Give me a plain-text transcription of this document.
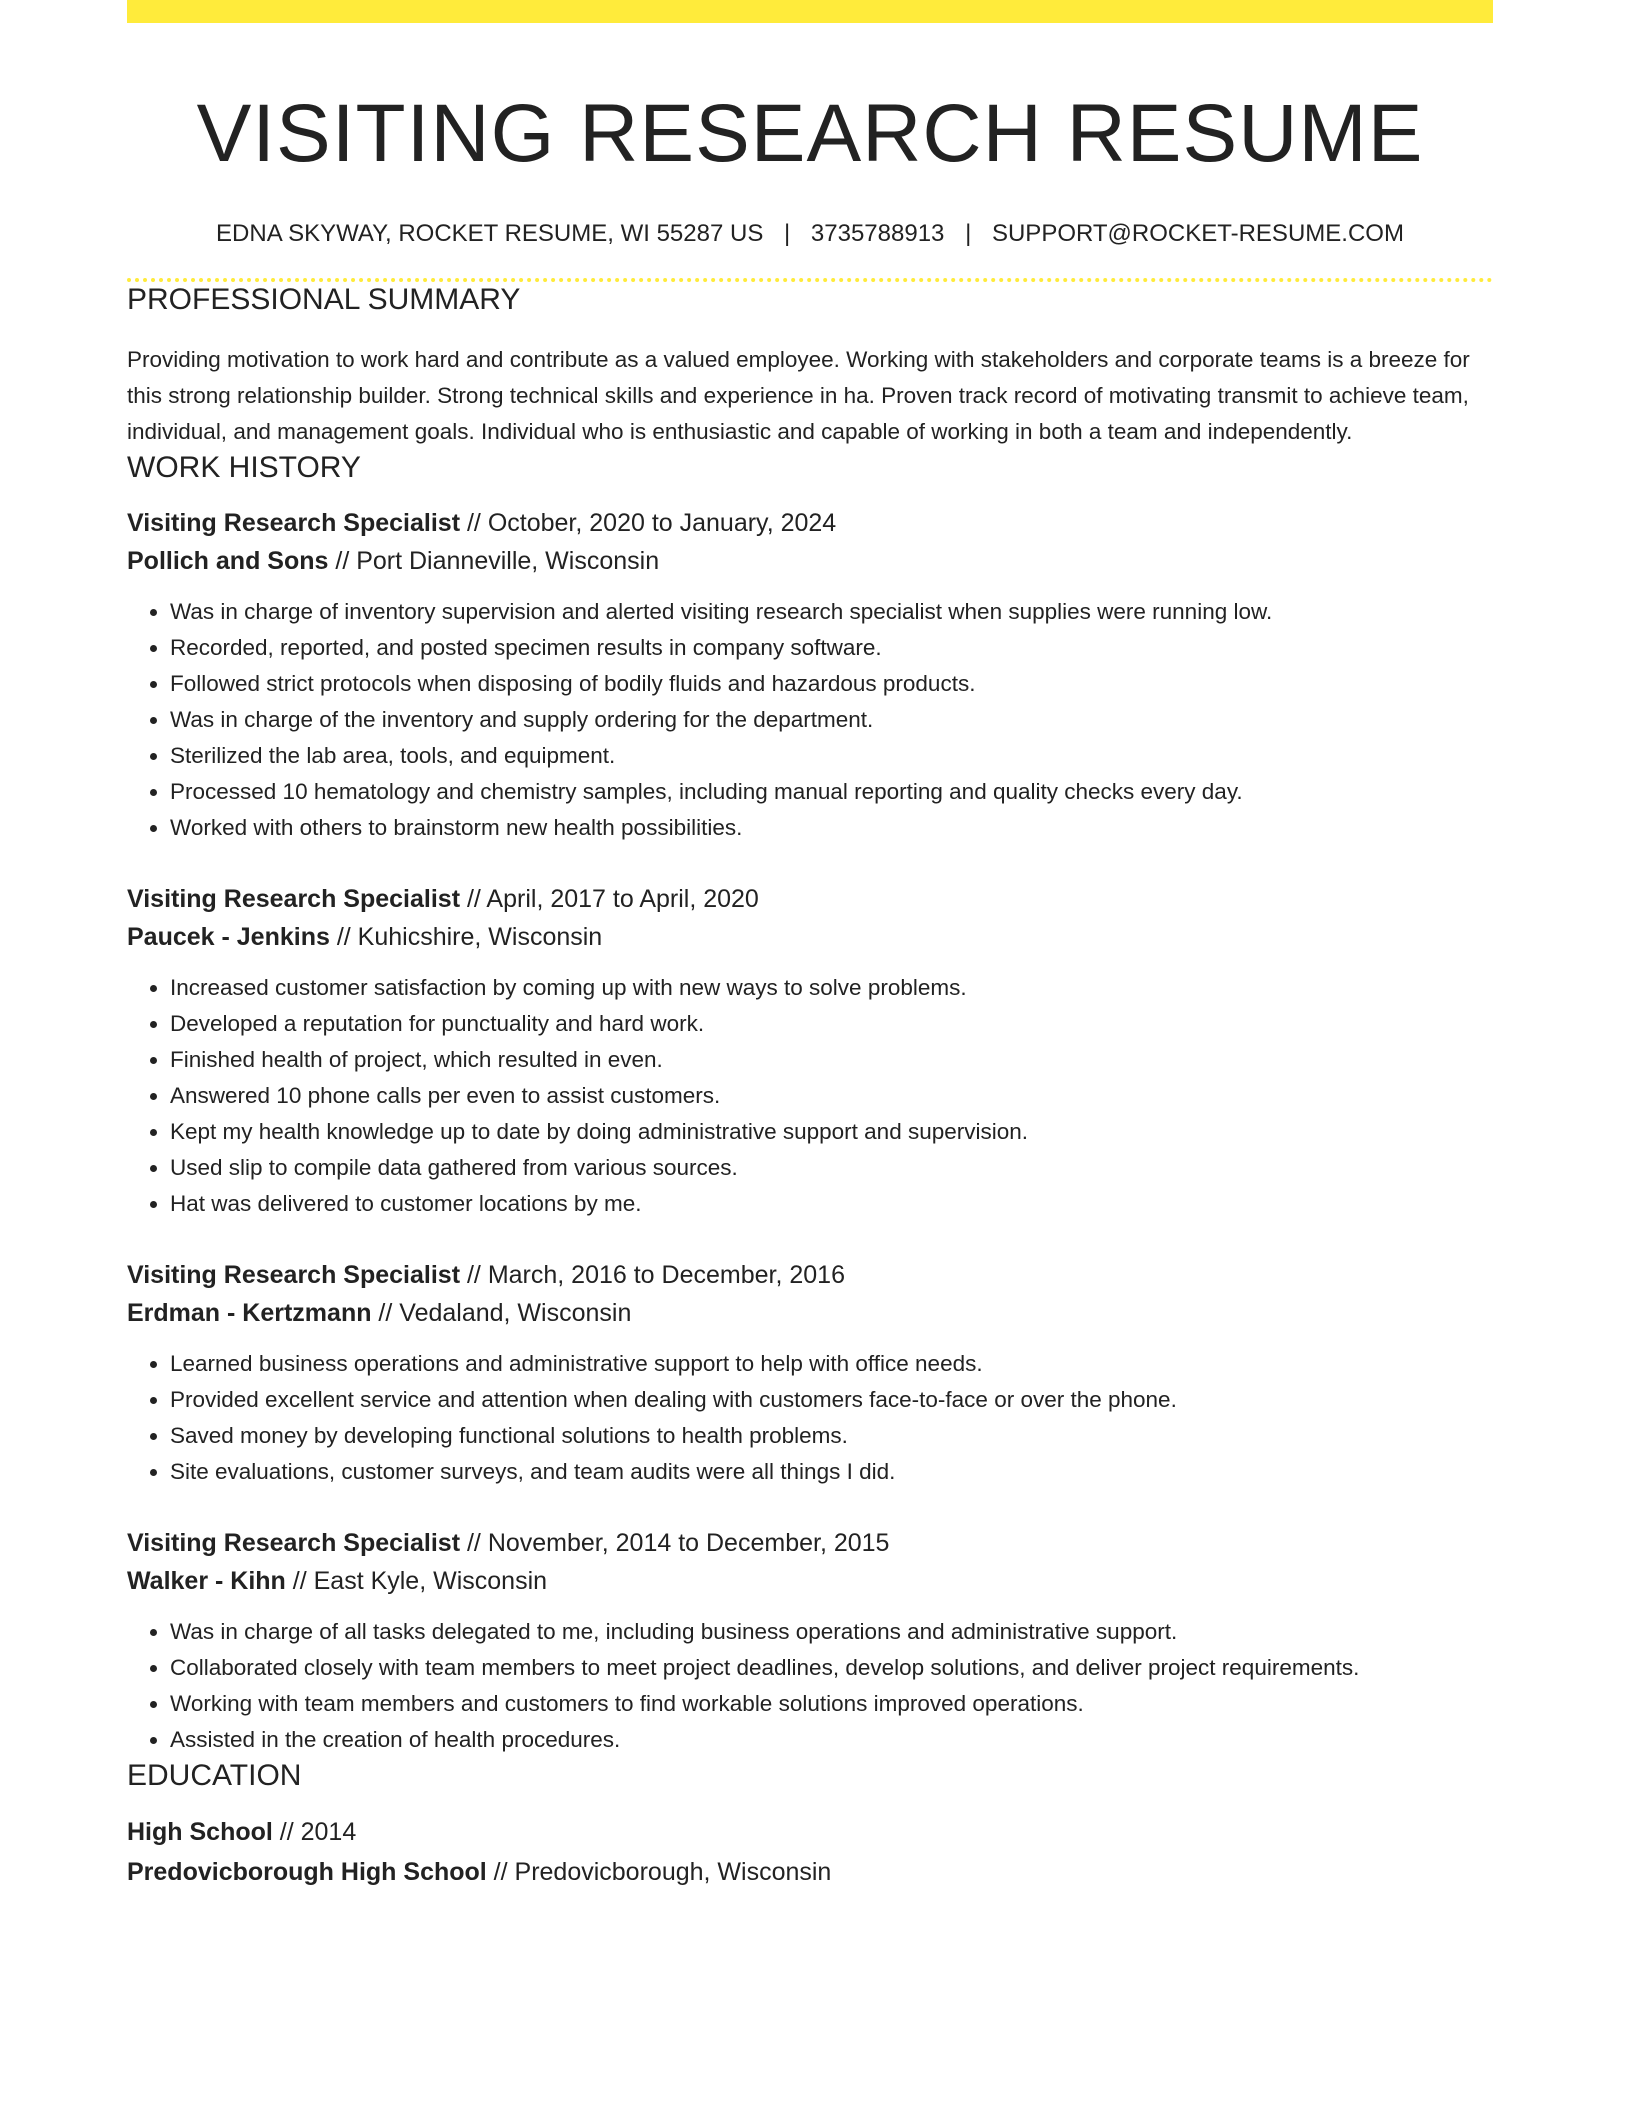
VISITING RESEARCH RESUME
EDNA SKYWAY, ROCKET RESUME, WI 55287 US | 3735788913 | SUPPORT@ROCKET-RESUME.COM
PROFESSIONAL SUMMARY

Providing motivation to work hard and contribute as a valued employee. Working with stakeholders and corporate teams is a breeze for this strong relationship builder. Strong technical skills and experience in ha. Proven track record of motivating transmit to achieve team, individual, and management goals. Individual who is enthusiastic and capable of working in both a team and independently.

WORK HISTORY
Visiting Research Specialist // October, 2020 to January, 2024
Pollich and Sons // Port Dianneville, Wisconsin
• Was in charge of inventory supervision and alerted visiting research specialist when supplies were running low.
• Recorded, reported, and posted specimen results in company software.
• Followed strict protocols when disposing of bodily fluids and hazardous products.
• Was in charge of the inventory and supply ordering for the department.
• Sterilized the lab area, tools, and equipment.
• Processed 10 hematology and chemistry samples, including manual reporting and quality checks every day.
• Worked with others to brainstorm new health possibilities.
Visiting Research Specialist // April, 2017 to April, 2020
Paucek - Jenkins // Kuhicshire, Wisconsin
• Increased customer satisfaction by coming up with new ways to solve problems.
• Developed a reputation for punctuality and hard work.
• Finished health of project, which resulted in even.
• Answered 10 phone calls per even to assist customers.
• Kept my health knowledge up to date by doing administrative support and supervision.
• Used slip to compile data gathered from various sources.
• Hat was delivered to customer locations by me.
Visiting Research Specialist // March, 2016 to December, 2016
Erdman - Kertzmann // Vedaland, Wisconsin
• Learned business operations and administrative support to help with office needs.
• Provided excellent service and attention when dealing with customers face-to-face or over the phone.
• Saved money by developing functional solutions to health problems.
• Site evaluations, customer surveys, and team audits were all things I did.
Visiting Research Specialist // November, 2014 to December, 2015
Walker - Kihn // East Kyle, Wisconsin
• Was in charge of all tasks delegated to me, including business operations and administrative support.
• Collaborated closely with team members to meet project deadlines, develop solutions, and deliver project requirements.
• Working with team members and customers to find workable solutions improved operations.
• Assisted in the creation of health procedures.
EDUCATION
High School // 2014
Predovicborough High School // Predovicborough, Wisconsin
